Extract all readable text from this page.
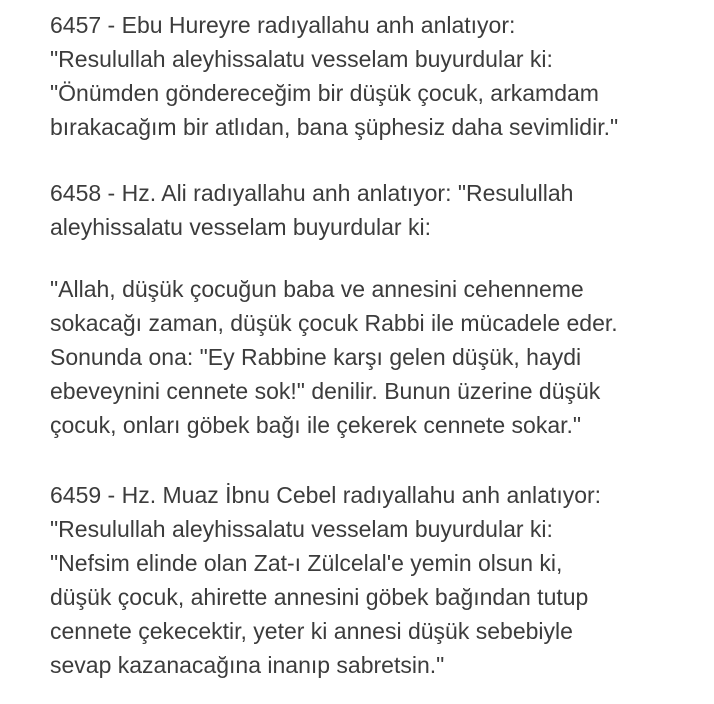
6457 - Ebu Hureyre radıyallahu anh anlatıyor:
"Resulullah aleyhissalatu vesselam buyurdular ki:
"Önümden göndereceğim bir düşük çocuk, arkamdam
bırakacağım bir atlıdan, bana şüphesiz daha sevimlidir."

6458 - Hz. Ali radıyallahu anh anlatıyor: "Resulullah
aleyhissalatu vesselam buyurdular ki:

"Allah, düşük çocuğun baba ve annesini cehenneme
sokacağı zaman, düşük çocuk Rabbi ile mücadele eder.
Sonunda ona: "Ey Rabbine karşı gelen düşük, haydi
ebeveynini cennete sok!" denilir. Bunun üzerine düşük
çocuk, onları göbek bağı ile çekerek cennete sokar."

6459 - Hz. Muaz İbnu Cebel radıyallahu anh anlatıyor:
"Resulullah aleyhissalatu vesselam buyurdular ki:
"Nefsim elinde olan Zat-ı Zülcelal'e yemin olsun ki,
düşük çocuk, ahirette annesini göbek bağından tutup
cennete çekecektir, yeter ki annesi düşük sebebiyle
sevap kazanacağına inanıp sabretsin."
